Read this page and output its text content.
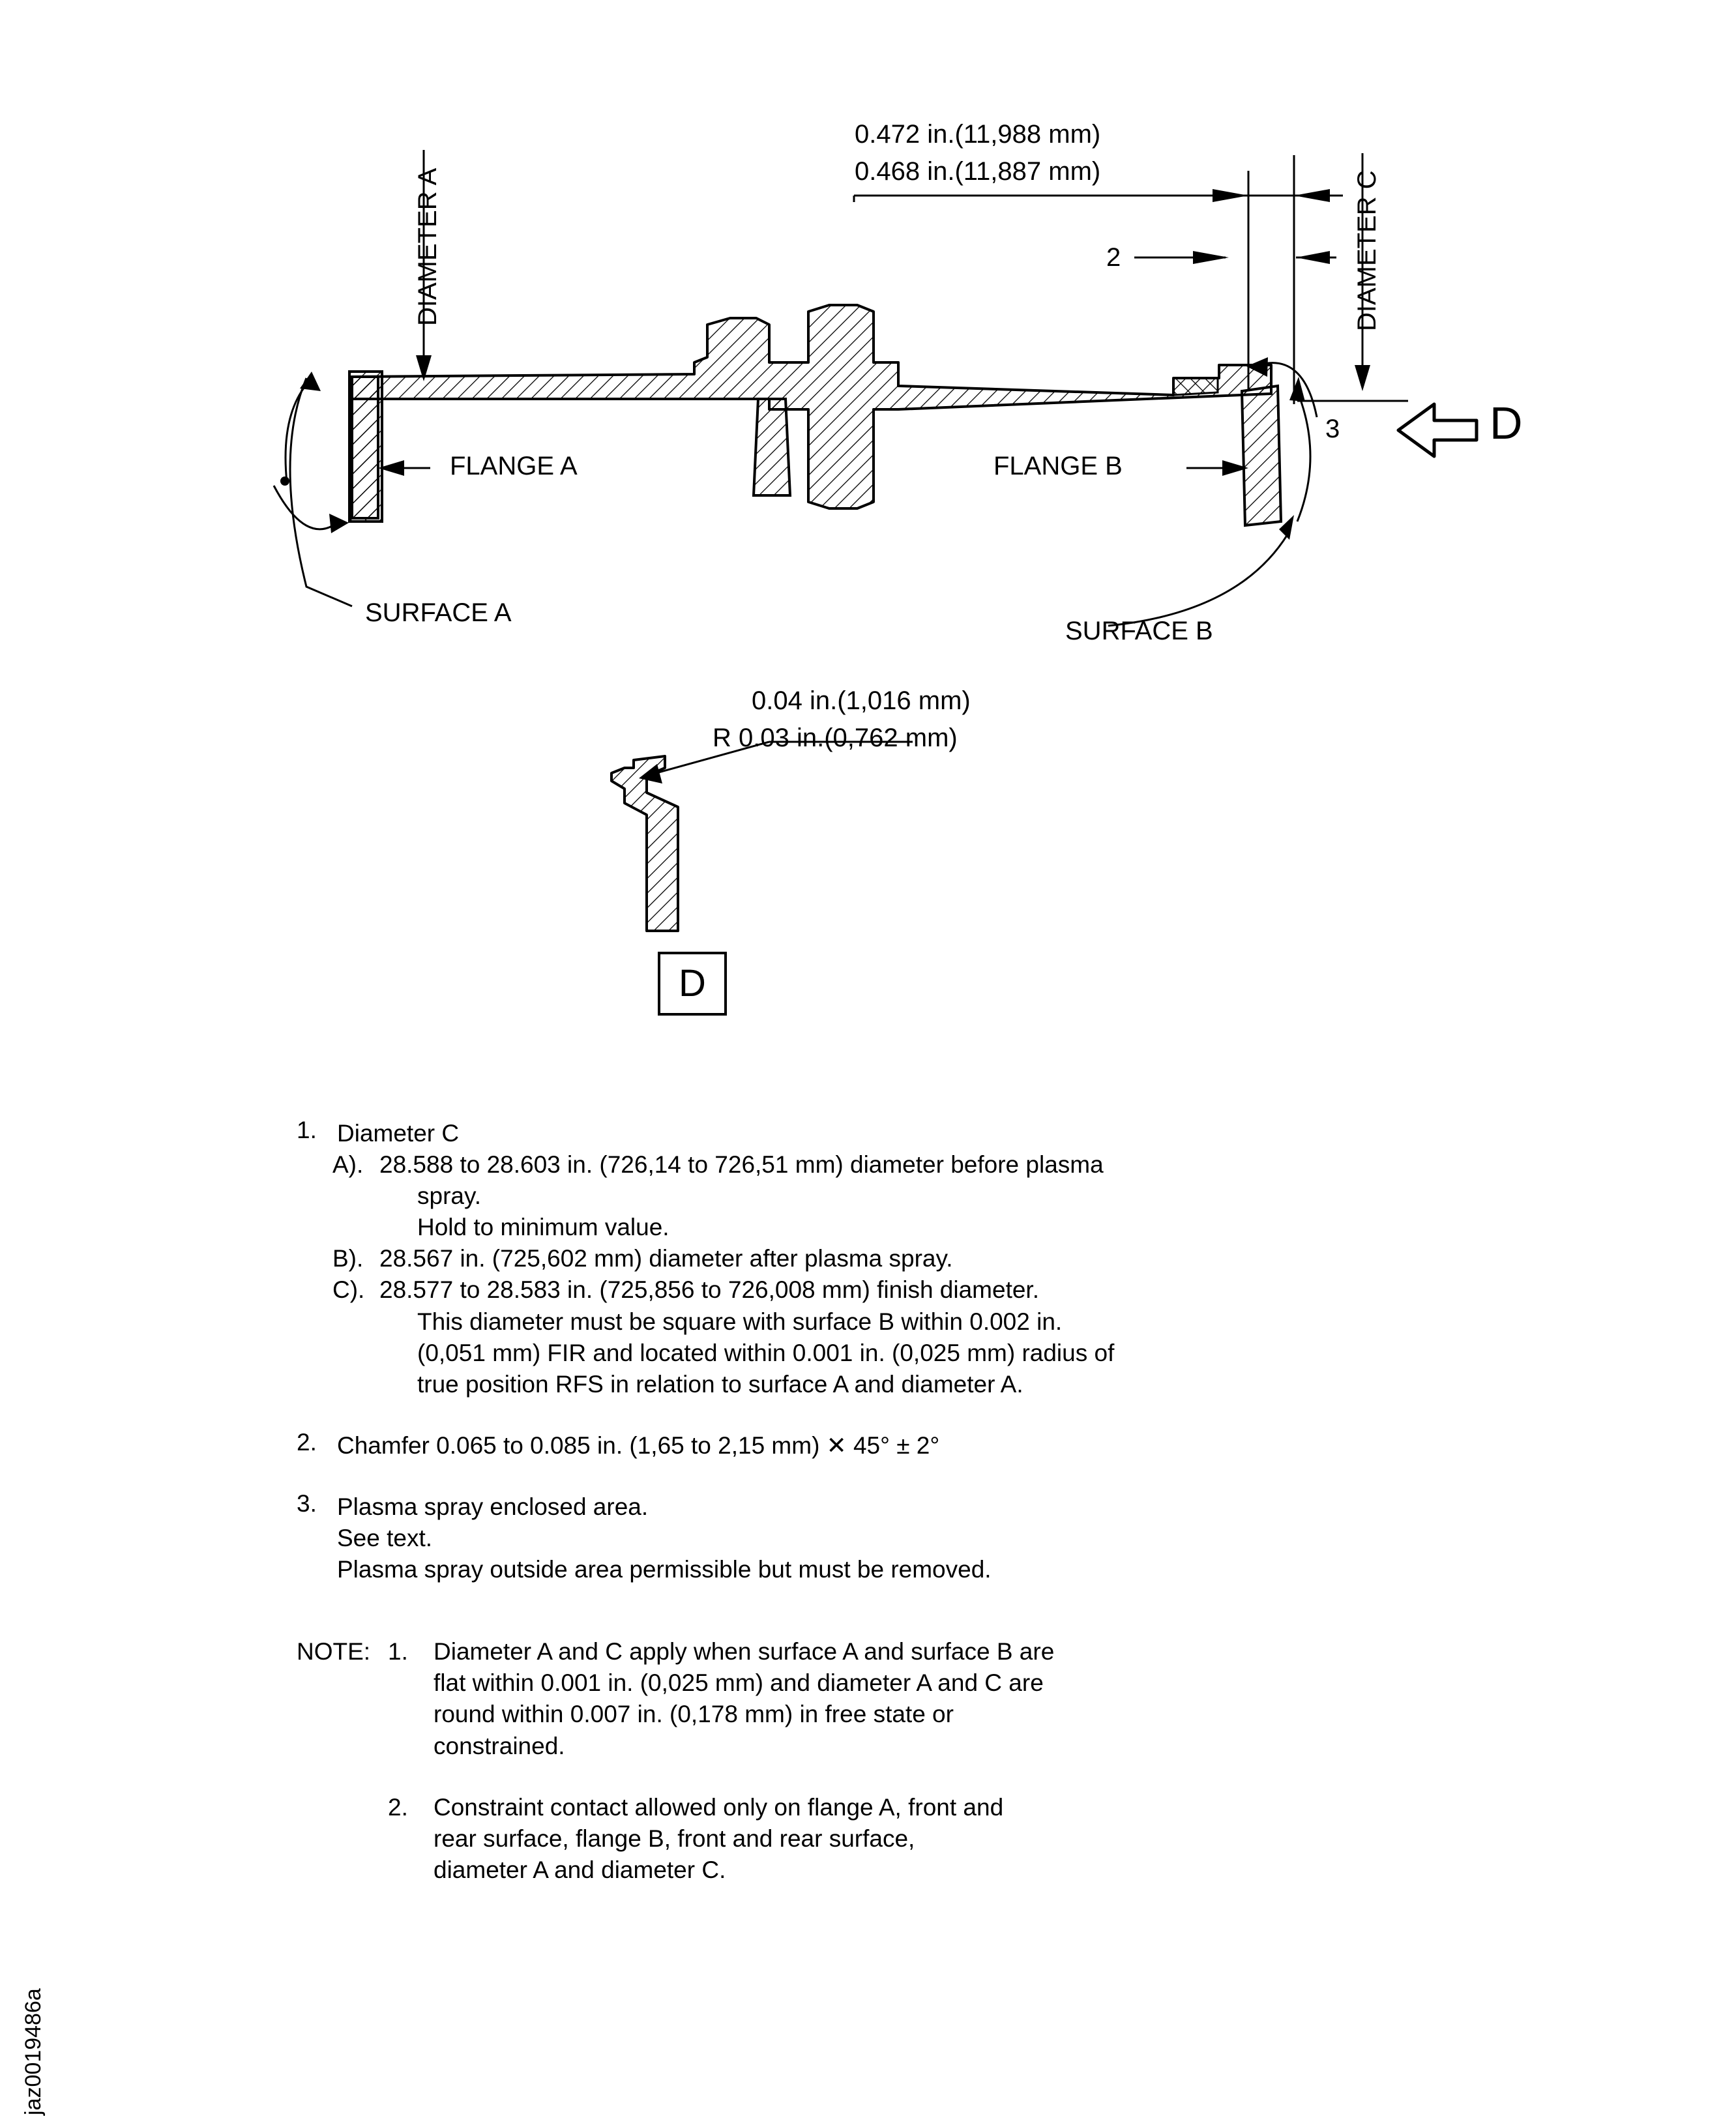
DIAMETER A	DIAMETER C
0.472 in.(11,988 mm)
0.468 in.(11,887 mm)
2
3
FLANGE A	FLANGE B
SURFACE A
SURFACE B
D
0.04 in.(1,016 mm)
R 0.03 in.(0,762 mm)
D
1. Diameter C
A). 28.588 to 28.603 in. (726,14 to 726,51 mm) diameter before plasma
spray.
Hold to minimum value.
B). 28.567 in. (725,602 mm) diameter after plasma spray.
C). 28.577 to 28.583 in. (725,856 to 726,008 mm) finish diameter.
This diameter must be square with surface B within 0.002 in.
(0,051 mm) FIR and located within 0.001 in. (0,025 mm) radius of
true position RFS in relation to surface A and diameter A.
2. Chamfer 0.065 to 0.085 in. (1,65 to 2,15 mm) ✕ 45° ± 2°
3. Plasma spray enclosed area.
See text.
Plasma spray outside area permissible but must be removed.
NOTE: 1.	Diameter A and C apply when surface A and surface B are
flat within 0.001 in. (0,025 mm) and diameter A and C are
round within 0.007 in. (0,178 mm) in free state or
constrained.
2.	Constraint contact allowed only on flange A, front and
rear surface, flange B, front and rear surface,
diameter A and diameter C.
jaz0019486a
